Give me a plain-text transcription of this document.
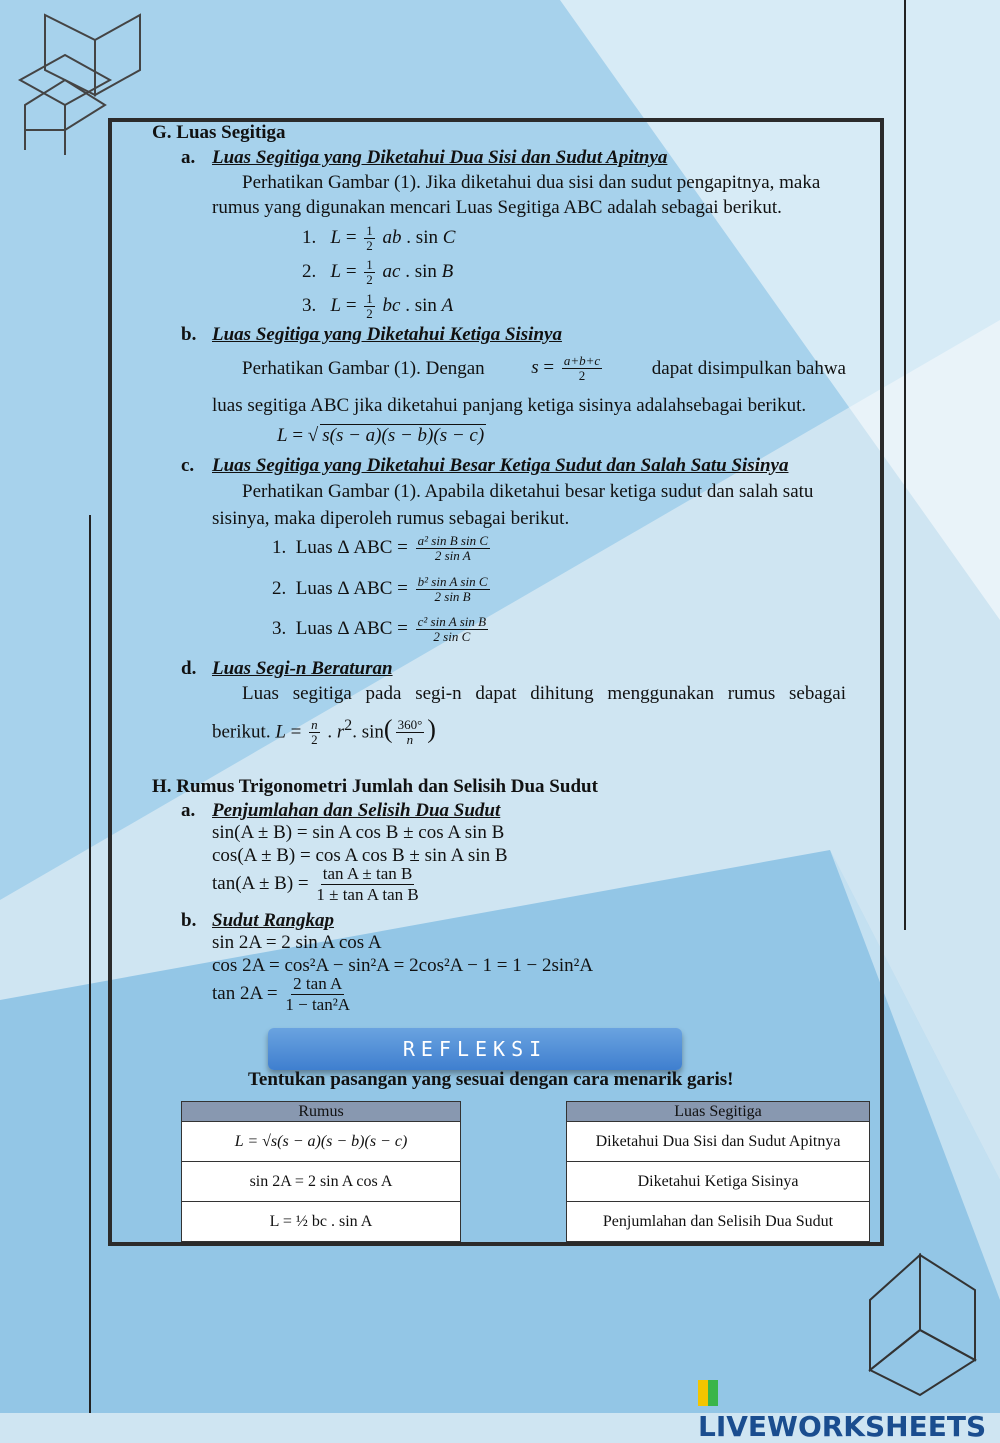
G. Luas Segitiga
a. Luas Segitiga yang Diketahui Dua Sisi dan Sudut Apitnya
Perhatikan Gambar (1). Jika diketahui dua sisi dan sudut pengapitnya, maka
rumus yang digunakan mencari Luas Segitiga ABC adalah sebagai berikut.
1. $L = \frac{1}{2}$ ab . sin C
2. $L = \frac{1}{2}$ ac . sin B
3. $L = \frac{1}{2}$ bc . sin A
b. Luas Segitiga yang Diketahui Ketiga Sisinya
Perhatikan Gambar (1). Dengan $s = \frac{a+b+c}{2}$	dapat disimpulkan bahwa
luas segitiga ABC jika diketahui panjang ketiga sisinya adalahsebagai berikut.
L = √ s(s − a)(s − b)(s − c)
c. Luas Segitiga yang Diketahui Besar Ketiga Sudut dan Salah Satu Sisinya
Perhatikan Gambar (1). Apabila diketahui besar ketiga sudut dan salah satu
sisinya, maka diperoleh rumus sebagai berikut.
1. Luas Δ ABC = $\frac{\text{a² sin B sin C}}{\text{2 sin A}}$
2. Luas Δ ABC = $\frac{\text{b² sin A sin C}}{\text{2 sin B}}$
3. Luas Δ ABC = $\frac{\text{c² sin A sin B}}{\text{2 sin C}}$
d. Luas Segi-n Beraturan
Luas segitiga pada segi-n dapat dihitung menggunakan rumus sebagai
berikut. $L = \frac{n}{2}$ . $r^2$. $\sin( \frac{360^\circ}{n}$ )
H. Rumus Trigonometri Jumlah dan Selisih Dua Sudut
a. Penjumlahan dan Selisih Dua Sudut
sin(A ± B) = sin A cos B ± cos A sin B
cos(A ± B) = cos A cos B ± sin A sin B
$\tan(A \pm B) = \frac{\text{tan A ± tan B}}{\text{1 ± tan A tan B}}$
b. Sudut Rangkap
sin 2A = 2 sin A cos A
cos 2A = cos²A − sin²A = 2cos²A − 1 = 1 − 2sin²A
$\tan 2A = \frac{\text{2 tan A}}{\text{1 − tan²A}}$
REFLEKSI
Tentukan pasangan yang sesuai dengan cara menarik garis!
Rumus
L = √s(s − a)(s − b)(s − c)
sin 2A = 2 sin A cos A
L = ½ bc . sin A
Luas Segitiga
Diketahui Dua Sisi dan Sudut Apitnya
Diketahui Ketiga Sisinya
Penjumlahan dan Selisih Dua Sudut
LIVEWORKSHEETS
